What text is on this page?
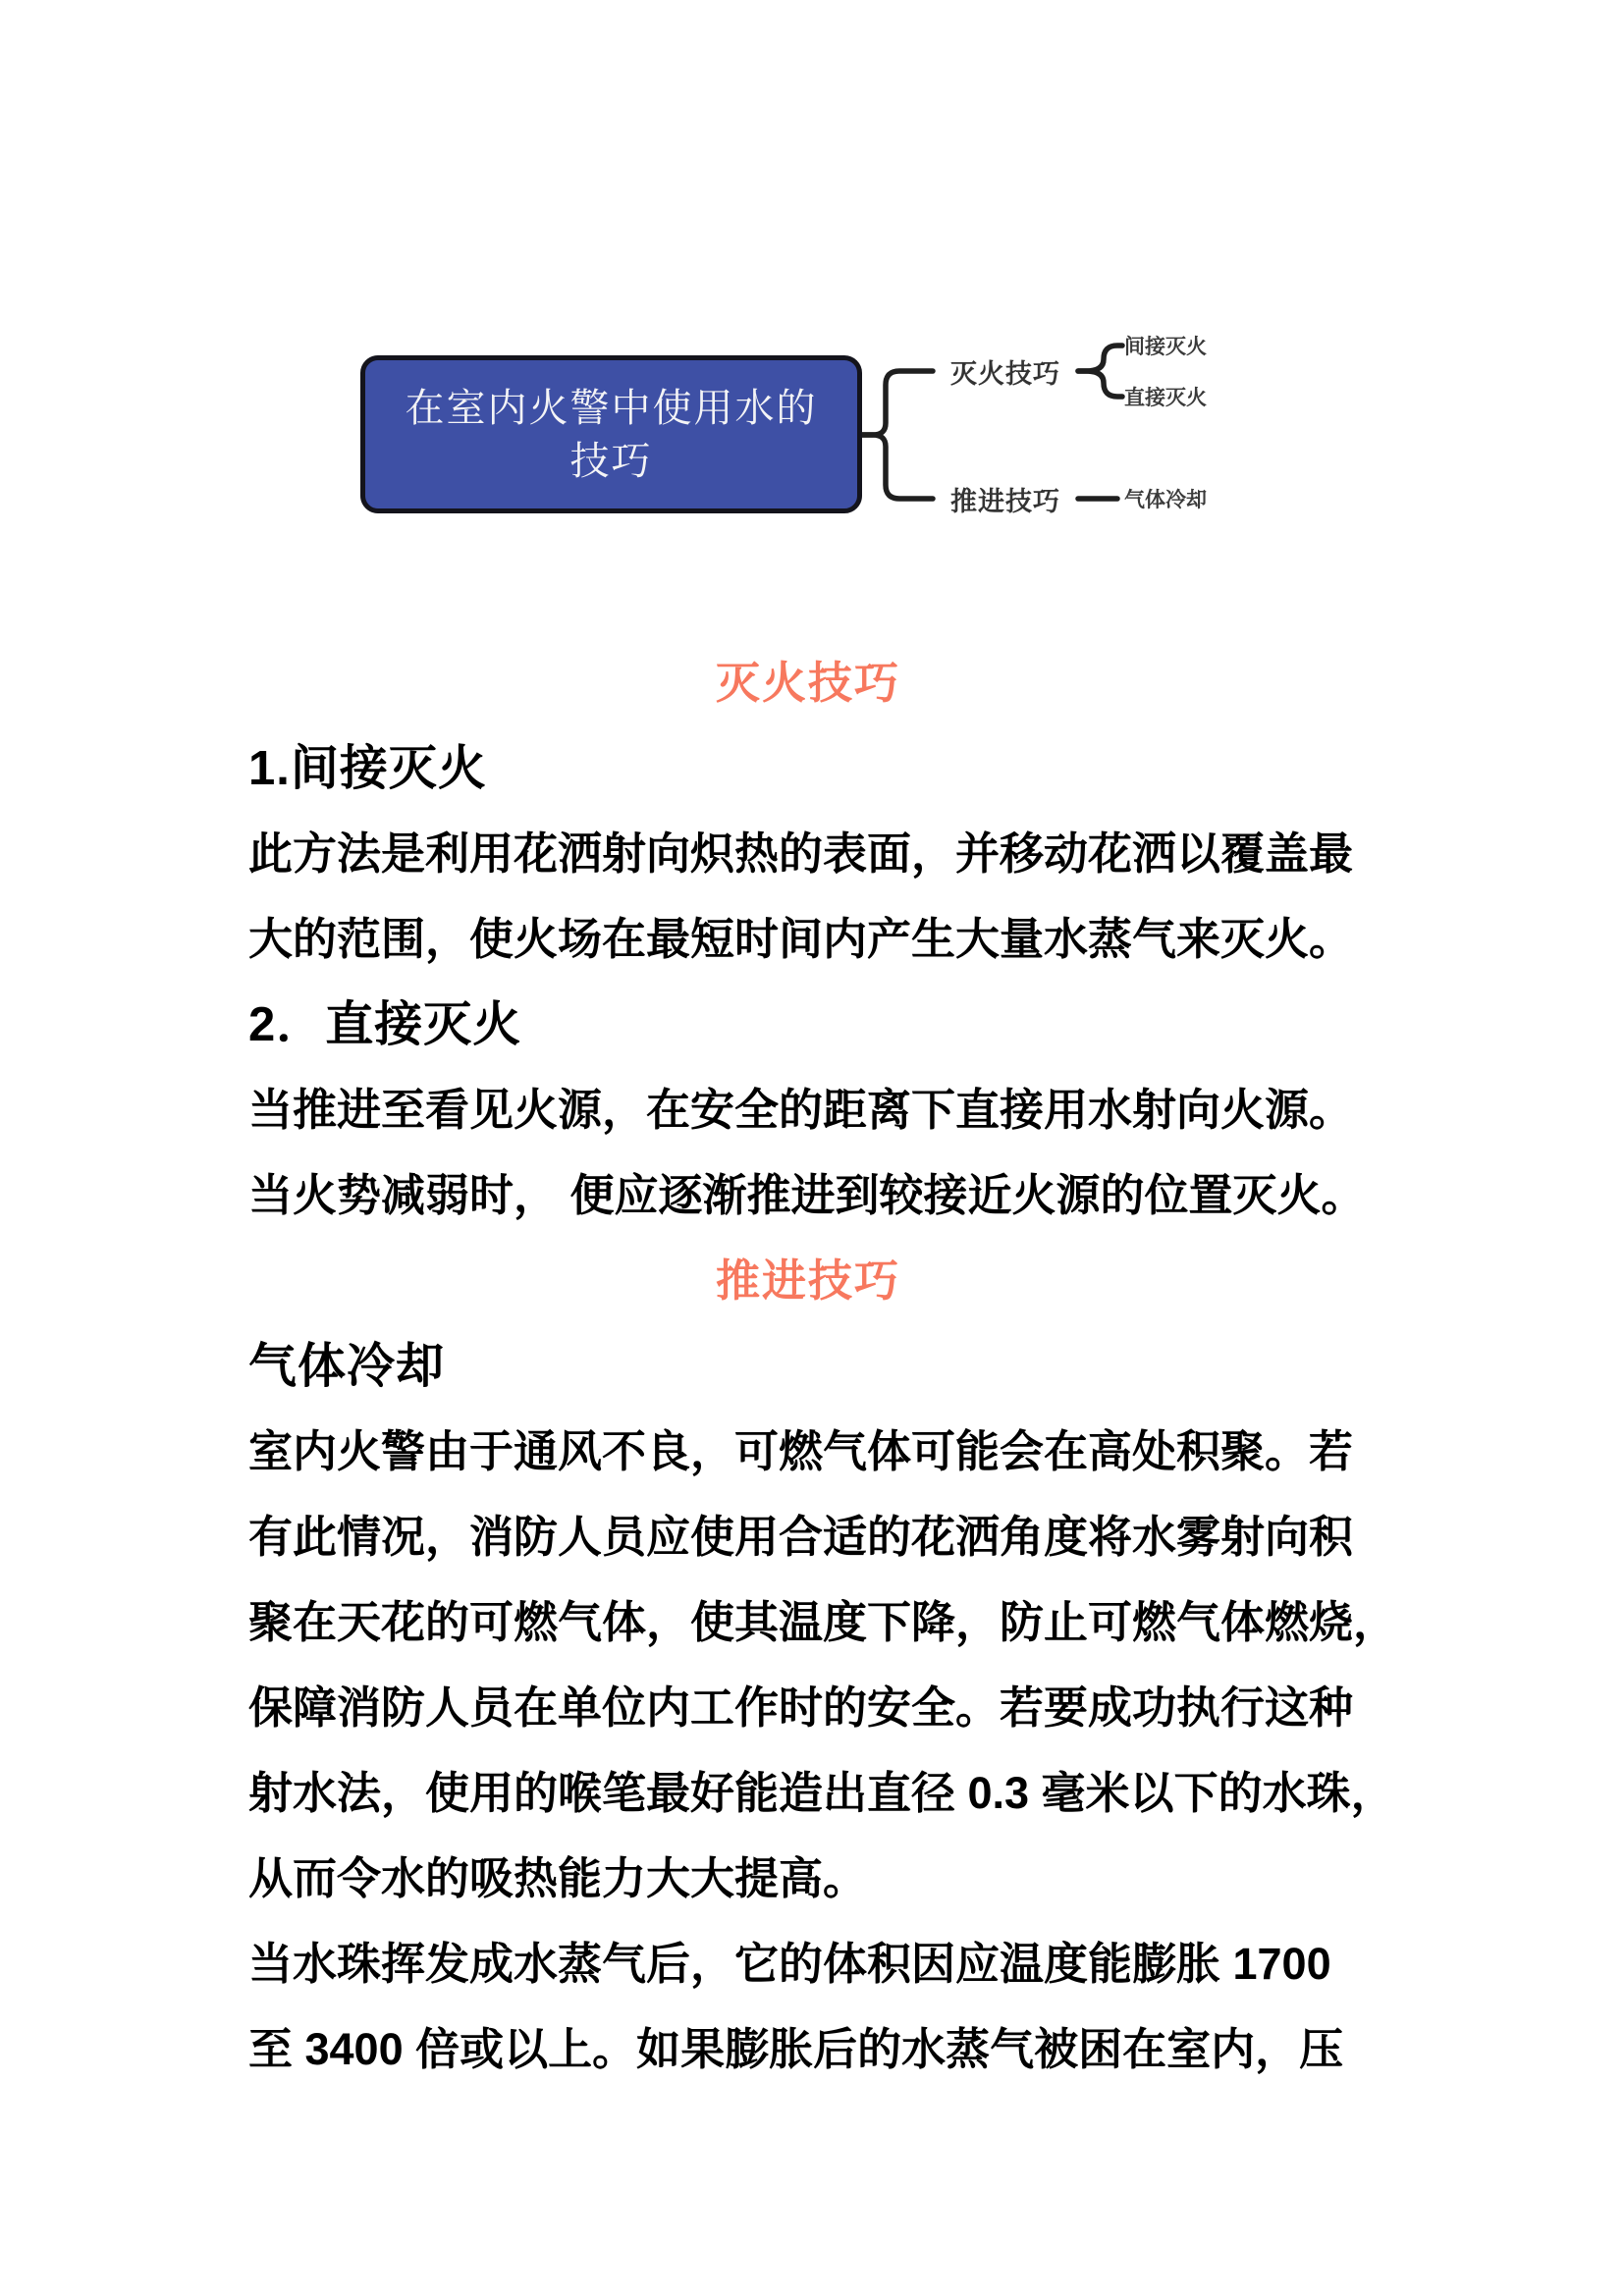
在室内火警中使用水的
技巧
灭火技巧
间接灭火
直接灭火
推进技巧	气体冷却
灭火技巧
1.间接灭火
此方法是利用花洒射向炽热的表面，并移动花洒以覆盖最
大的范围，使火场在最短时间内产生大量水蒸气来灭火。
2．直接灭火
当推进至看见火源，在安全的距离下直接用水射向火源。
当火势减弱时， 便应逐渐推进到较接近火源的位置灭火。
推进技巧
气体冷却
室内火警由于通风不良，可燃气体可能会在高处积聚。若
有此情况，消防人员应使用合适的花洒角度将水雾射向积
聚在天花的可燃气体，使其温度下降，防止可燃气体燃烧，
保障消防人员在单位内工作时的安全。若要成功执行这种
射水法，使用的喉笔最好能造出直径 0.3 毫米以下的水珠，
从而令水的吸热能力大大提高。
当水珠挥发成水蒸气后，它的体积因应温度能膨胀 1700
至 3400 倍或以上。如果膨胀后的水蒸气被困在室内，压
